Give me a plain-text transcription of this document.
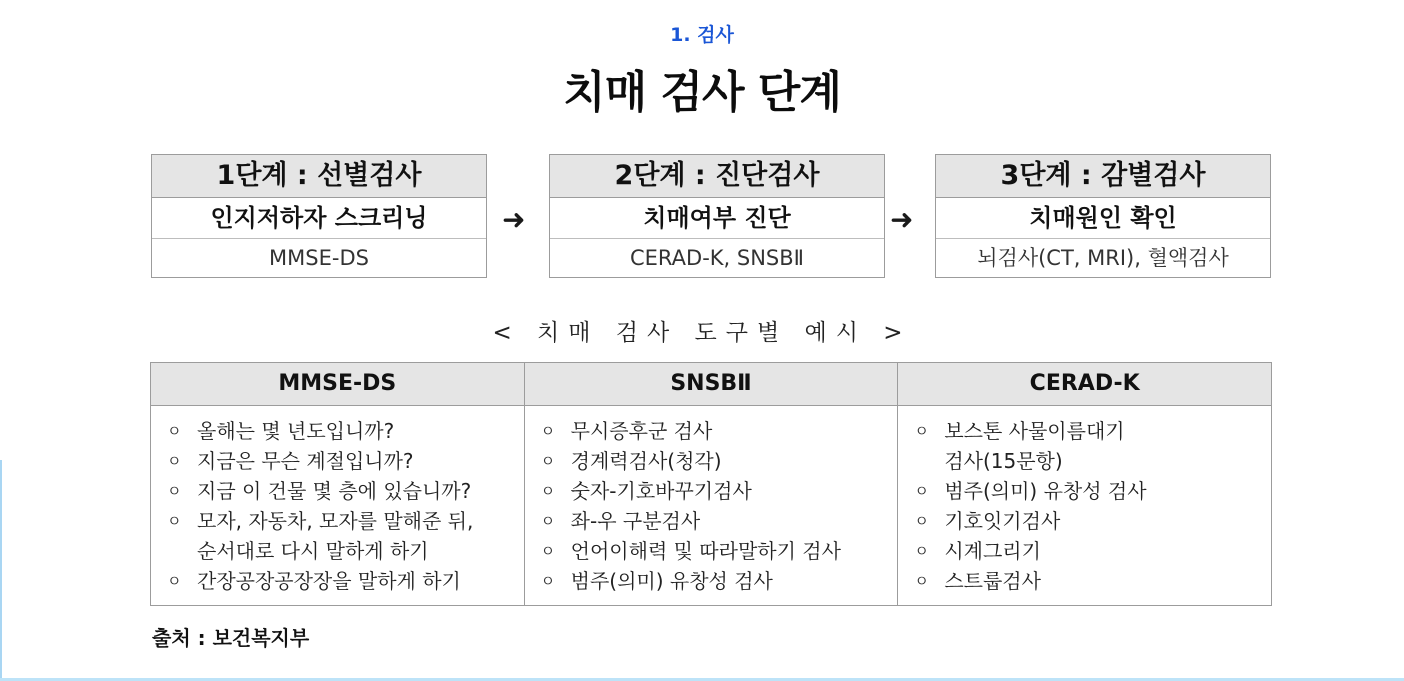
1. 검사
치매 검사 단계
1단계 : 선별검사
인지저하자 스크리닝
MMSE-DS
➜
2단계 : 진단검사
치매여부 진단
CERAD-K, SNSBⅡ
➜
3단계 : 감별검사
치매원인 확인
뇌검사(CT, MRI), 혈액검사
< 치매 검사 도구별 예시 >
MMSE-DS
ㅇ 올해는 몇 년도입니까?
ㅇ 지금은 무슨 계절입니까?
ㅇ 지금 이 건물 몇 층에 있습니까?
ㅇ 모자, 자동차, 모자를 말해준 뒤,
순서대로 다시 말하게 하기
ㅇ 간장공장공장장을 말하게 하기
SNSBⅡ
ㅇ 무시증후군 검사
ㅇ 경계력검사(청각)
ㅇ 숫자-기호바꾸기검사
ㅇ 좌-우 구분검사
ㅇ 언어이해력 및 따라말하기 검사
ㅇ 범주(의미) 유창성 검사
CERAD-K
ㅇ 보스톤 사물이름대기
검사(15문항)
ㅇ 범주(의미) 유창성 검사
ㅇ 기호잇기검사
ㅇ 시계그리기
ㅇ 스트룹검사
출처 : 보건복지부
